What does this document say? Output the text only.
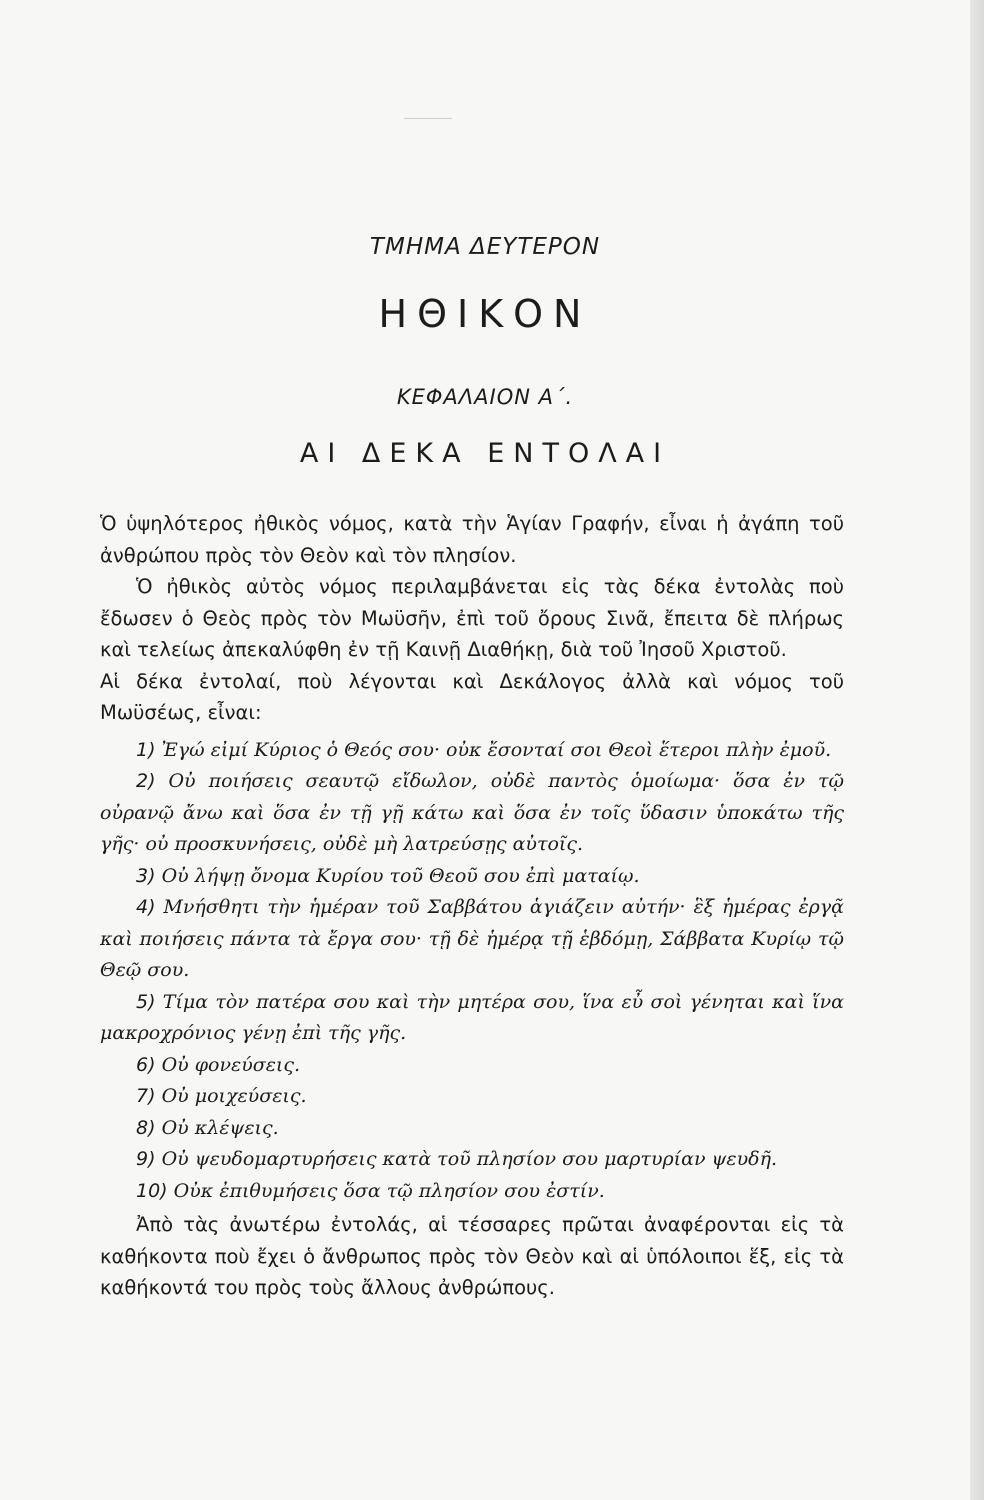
ΤΜΗΜΑ ΔΕΥΤΕΡΟΝ
ΗΘΙΚΟΝ
ΚΕΦΑΛΑΙΟΝ Α΄.
ΑΙ ΔΕΚΑ ΕΝΤΟΛΑΙ

Ὁ ὑψηλότερος ἠθικὸς νόμος, κατὰ τὴν Ἁγίαν Γραφήν, εἶναι ἡ ἀγάπη τοῦ ἀνθρώπου πρὸς τὸν Θεὸν καὶ τὸν πλησίον.

Ὁ ἠθικὸς αὐτὸς νόμος περιλαμβάνεται εἰς τὰς δέκα ἐντολὰς ποὺ ἔδωσεν ὁ Θεὸς πρὸς τὸν Μωϋσῆν, ἐπὶ τοῦ ὄρους Σινᾶ, ἔπειτα δὲ πλήρως καὶ τελείως ἀπεκαλύφθη ἐν τῇ Καινῇ Διαθήκῃ, διὰ τοῦ Ἰησοῦ Χριστοῦ.

Αἱ δέκα ἐντολαί, ποὺ λέγονται καὶ Δεκάλογος ἀλλὰ καὶ νόμος τοῦ Μωϋσέως, εἶναι:

1) Ἐγώ εἰμί Κύριος ὁ Θεός σου· οὐκ ἔσονταί σοι Θεοὶ ἕτεροι πλὴν ἐμοῦ.
2) Οὐ ποιήσεις σεαυτῷ εἴδωλον, οὐδὲ παντὸς ὁμοίωμα· ὅσα ἐν τῷ οὐρανῷ ἄνω καὶ ὅσα ἐν τῇ γῇ κάτω καὶ ὅσα ἐν τοῖς ὕδασιν ὑποκάτω τῆς γῆς· οὐ προσκυνήσεις, οὐδὲ μὴ λατρεύσῃς αὐτοῖς.
3) Οὐ λήψῃ ὄνομα Κυρίου τοῦ Θεοῦ σου ἐπὶ ματαίῳ.
4) Μνήσθητι τὴν ἡμέραν τοῦ Σαββάτου ἁγιάζειν αὐτήν· ἓξ ἡμέρας ἐργᾷ καὶ ποιήσεις πάντα τὰ ἔργα σου· τῇ δὲ ἡμέρᾳ τῇ ἑβδόμῃ, Σάββατα Κυρίῳ τῷ Θεῷ σου.
5) Τίμα τὸν πατέρα σου καὶ τὴν μητέρα σου, ἵνα εὖ σοὶ γένηται καὶ ἵνα μακροχρόνιος γένῃ ἐπὶ τῆς γῆς.
6) Οὐ φονεύσεις.
7) Οὐ μοιχεύσεις.
8) Οὐ κλέψεις.
9) Οὐ ψευδομαρτυρήσεις κατὰ τοῦ πλησίον σου μαρτυρίαν ψευδῆ.
10) Οὐκ ἐπιθυμήσεις ὅσα τῷ πλησίον σου ἐστίν.

Ἀπὸ τὰς ἀνωτέρω ἐντολάς, αἱ τέσσαρες πρῶται ἀναφέρονται εἰς τὰ καθήκοντα ποὺ ἔχει ὁ ἄνθρωπος πρὸς τὸν Θεὸν καὶ αἱ ὑπόλοιποι ἕξ, εἰς τὰ καθήκοντά του πρὸς τοὺς ἄλλους ἀνθρώπους.
